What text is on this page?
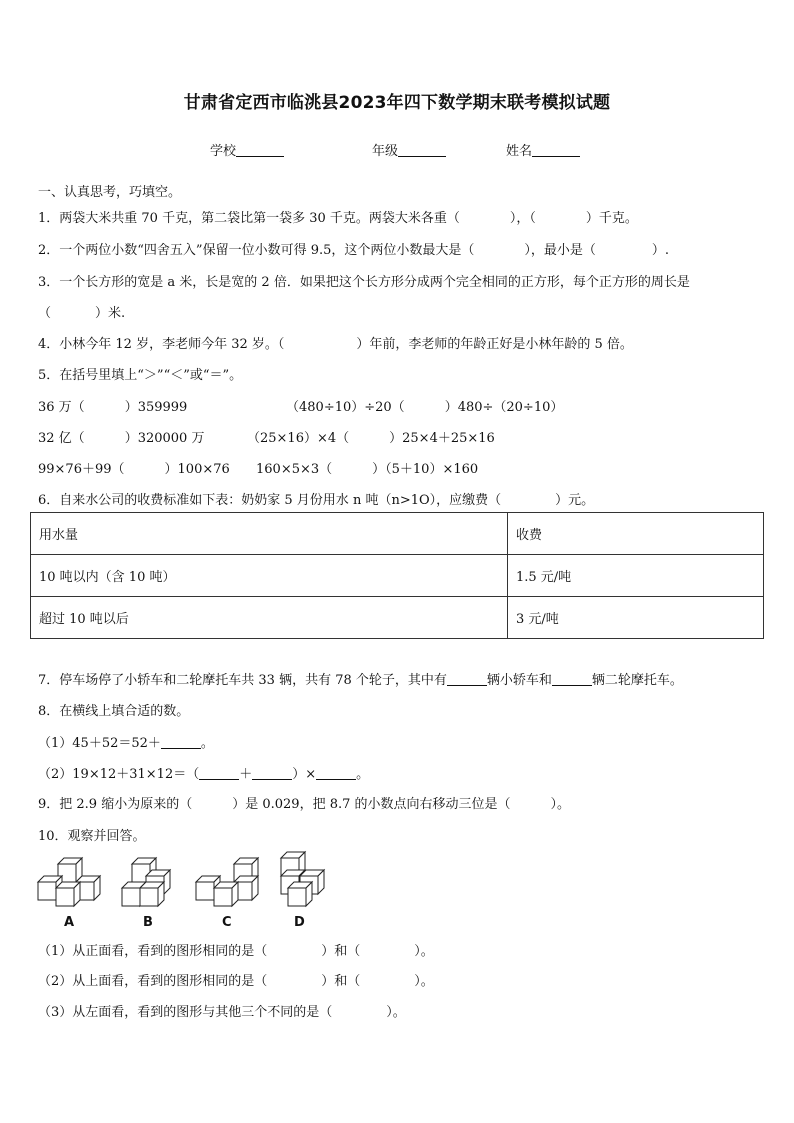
甘肃省定西市临洮县2023年四下数学期末联考模拟试题
学校	年级	姓名
一、认真思考，巧填空。
1．两袋大米共重 70 千克，第二袋比第一袋多 30 千克。两袋大米各重（	），（	）千克。
2．一个两位小数“四舍五入”保留一位小数可得 9.5，这个两位小数最大是（	），最小是（	）.
3．一个长方形的宽是 a 米，长是宽的 2 倍．如果把这个长方形分成两个完全相同的正方形，每个正方形的周长是
（	）米.
4．小林今年 12 岁，李老师今年 32 岁。（	）年前，李老师的年龄正好是小林年龄的 5 倍。
5．在括号里填上“＞”“＜”或“＝”。
36 万（	）359999	（480÷10）÷20（	）480÷（20÷10）
32 亿（	）320000 万	（25×16）×4（	）25×4＋25×16
99×76＋99（	）100×76 160×5×3（	）（5＋10）×160
6．自来水公司的收费标准如下表：奶奶家 5 月份用水 n 吨（n>1O），应缴费（	）元。
用水量	收费
10 吨以内（含 10 吨）	1.5 元/吨
超过 10 吨以后	3 元/吨
7．停车场停了小轿车和二轮摩托车共 33 辆，共有 78 个轮子，其中有	辆小轿车和	辆二轮摩托车。
8．在横线上填合适的数。
（1）45＋52＝52＋	。
（2）19×12＋31×12＝（	＋	）×	。
9．把 2.9 缩小为原来的（	）是 0.029，把 8.7 的小数点向右移动三位是（	）。
10．观察并回答。
A	B	C	D
（1）从正面看，看到的图形相同的是（	）和（	）。
（2）从上面看，看到的图形相同的是（	）和（	）。
（3）从左面看，看到的图形与其他三个不同的是（	）。
